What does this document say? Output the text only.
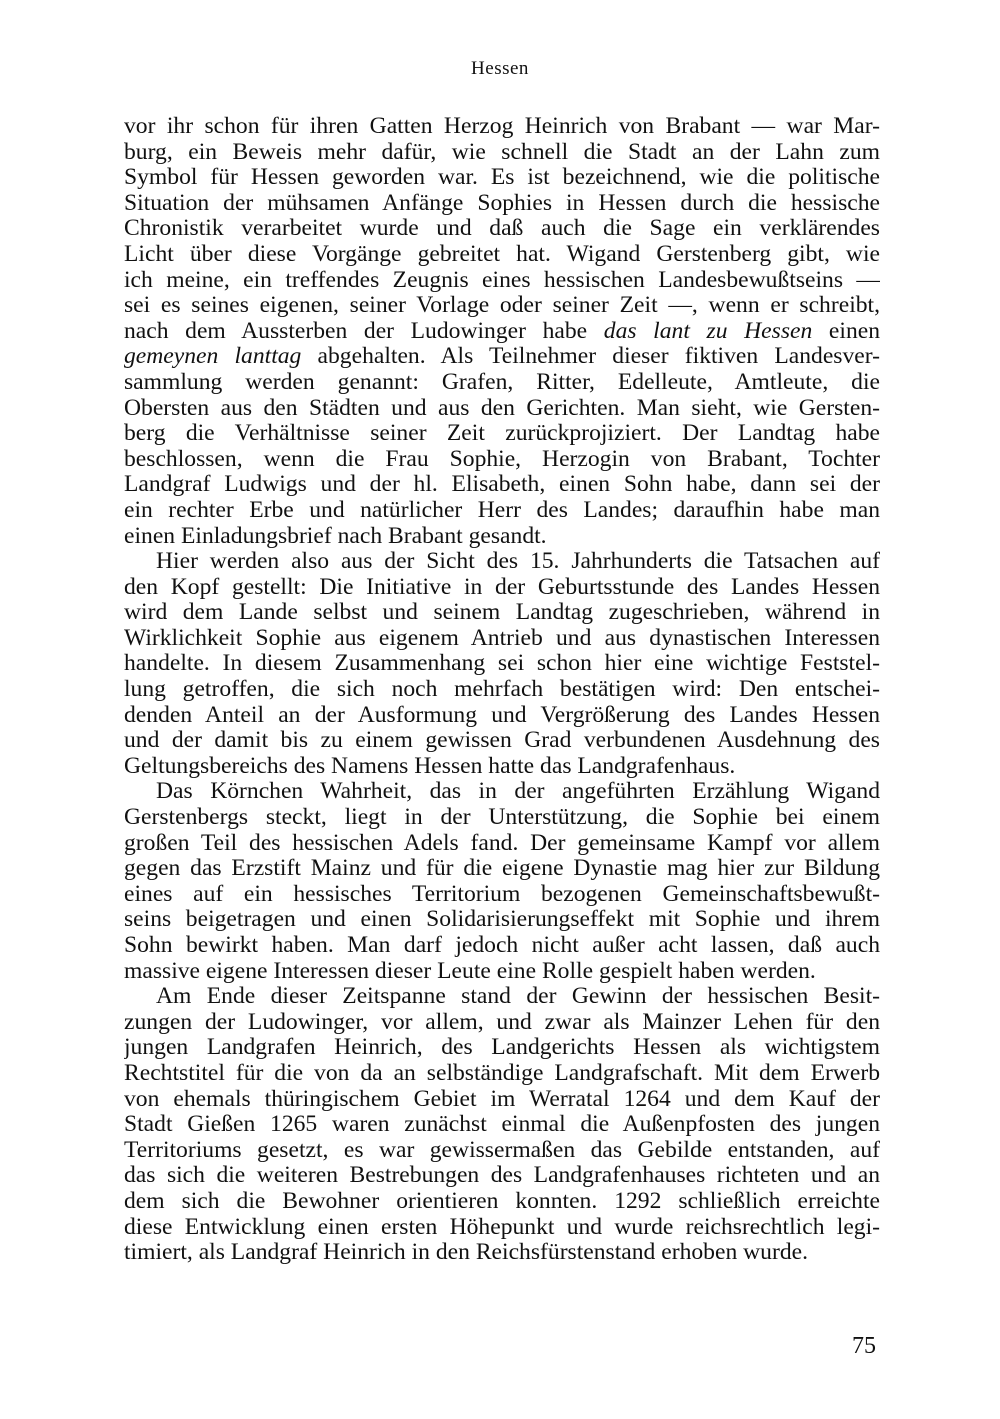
Hessen
vor ihr schon für ihren Gatten Herzog Heinrich von Brabant — war Mar-
burg, ein Beweis mehr dafür, wie schnell die Stadt an der Lahn zum
Symbol für Hessen geworden war. Es ist bezeichnend, wie die politische
Situation der mühsamen Anfänge Sophies in Hessen durch die hessische
Chronistik verarbeitet wurde und daß auch die Sage ein verklärendes
Licht über diese Vorgänge gebreitet hat. Wigand Gerstenberg gibt, wie
ich meine, ein treffendes Zeugnis eines hessischen Landesbewußtseins —
sei es seines eigenen, seiner Vorlage oder seiner Zeit —, wenn er schreibt,
nach dem Aussterben der Ludowinger habe das lant zu Hessen einen
gemeynen lanttag abgehalten. Als Teilnehmer dieser fiktiven Landesver-
sammlung werden genannt: Grafen, Ritter, Edelleute, Amtleute, die
Obersten aus den Städten und aus den Gerichten. Man sieht, wie Gersten-
berg die Verhältnisse seiner Zeit zurückprojiziert. Der Landtag habe
beschlossen, wenn die Frau Sophie, Herzogin von Brabant, Tochter
Landgraf Ludwigs und der hl. Elisabeth, einen Sohn habe, dann sei der
ein rechter Erbe und natürlicher Herr des Landes; daraufhin habe man
einen Einladungsbrief nach Brabant gesandt.
Hier werden also aus der Sicht des 15. Jahrhunderts die Tatsachen auf
den Kopf gestellt: Die Initiative in der Geburtsstunde des Landes Hessen
wird dem Lande selbst und seinem Landtag zugeschrieben, während in
Wirklichkeit Sophie aus eigenem Antrieb und aus dynastischen Interessen
handelte. In diesem Zusammenhang sei schon hier eine wichtige Feststel-
lung getroffen, die sich noch mehrfach bestätigen wird: Den entschei-
denden Anteil an der Ausformung und Vergrößerung des Landes Hessen
und der damit bis zu einem gewissen Grad verbundenen Ausdehnung des
Geltungsbereichs des Namens Hessen hatte das Landgrafenhaus.
Das Körnchen Wahrheit, das in der angeführten Erzählung Wigand
Gerstenbergs steckt, liegt in der Unterstützung, die Sophie bei einem
großen Teil des hessischen Adels fand. Der gemeinsame Kampf vor allem
gegen das Erzstift Mainz und für die eigene Dynastie mag hier zur Bildung
eines auf ein hessisches Territorium bezogenen Gemeinschaftsbewußt-
seins beigetragen und einen Solidarisierungseffekt mit Sophie und ihrem
Sohn bewirkt haben. Man darf jedoch nicht außer acht lassen, daß auch
massive eigene Interessen dieser Leute eine Rolle gespielt haben werden.
Am Ende dieser Zeitspanne stand der Gewinn der hessischen Besit-
zungen der Ludowinger, vor allem, und zwar als Mainzer Lehen für den
jungen Landgrafen Heinrich, des Landgerichts Hessen als wichtigstem
Rechtstitel für die von da an selbständige Landgrafschaft. Mit dem Erwerb
von ehemals thüringischem Gebiet im Werratal 1264 und dem Kauf der
Stadt Gießen 1265 waren zunächst einmal die Außenpfosten des jungen
Territoriums gesetzt, es war gewissermaßen das Gebilde entstanden, auf
das sich die weiteren Bestrebungen des Landgrafenhauses richteten und an
dem sich die Bewohner orientieren konnten. 1292 schließlich erreichte
diese Entwicklung einen ersten Höhepunkt und wurde reichsrechtlich legi-
timiert, als Landgraf Heinrich in den Reichsfürstenstand erhoben wurde.
75
